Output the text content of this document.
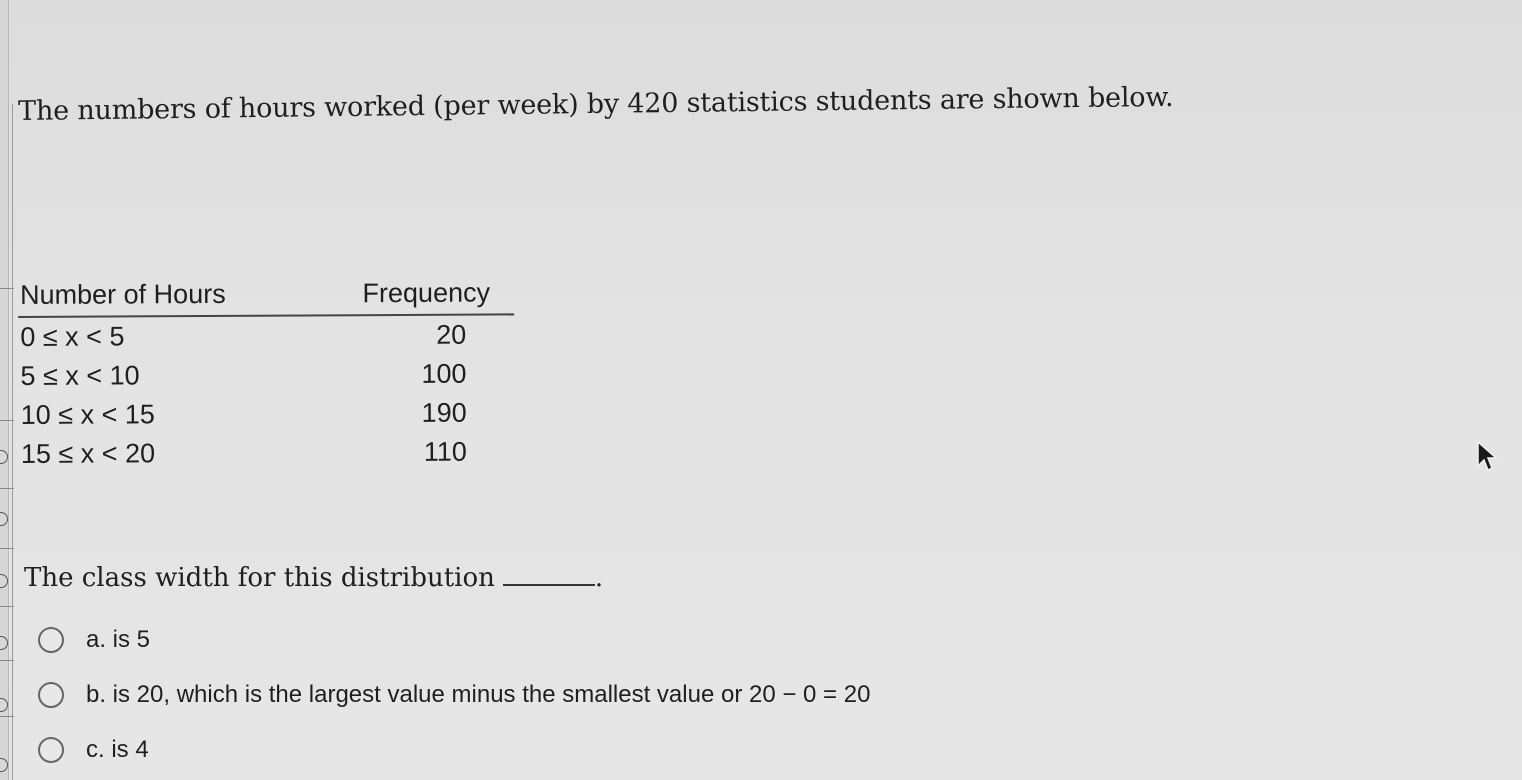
The numbers of hours worked (per week) by 420 statistics students are shown below.
Number of Hours	Frequency
0 ≤ x < 5	20
5 ≤ x < 10	100
10 ≤ x < 15	190
15 ≤ x < 20	110
The class width for this distribution	.
a. is 5
b. is 20, which is the largest value minus the smallest value or 20 − 0 = 20
c. is 4
